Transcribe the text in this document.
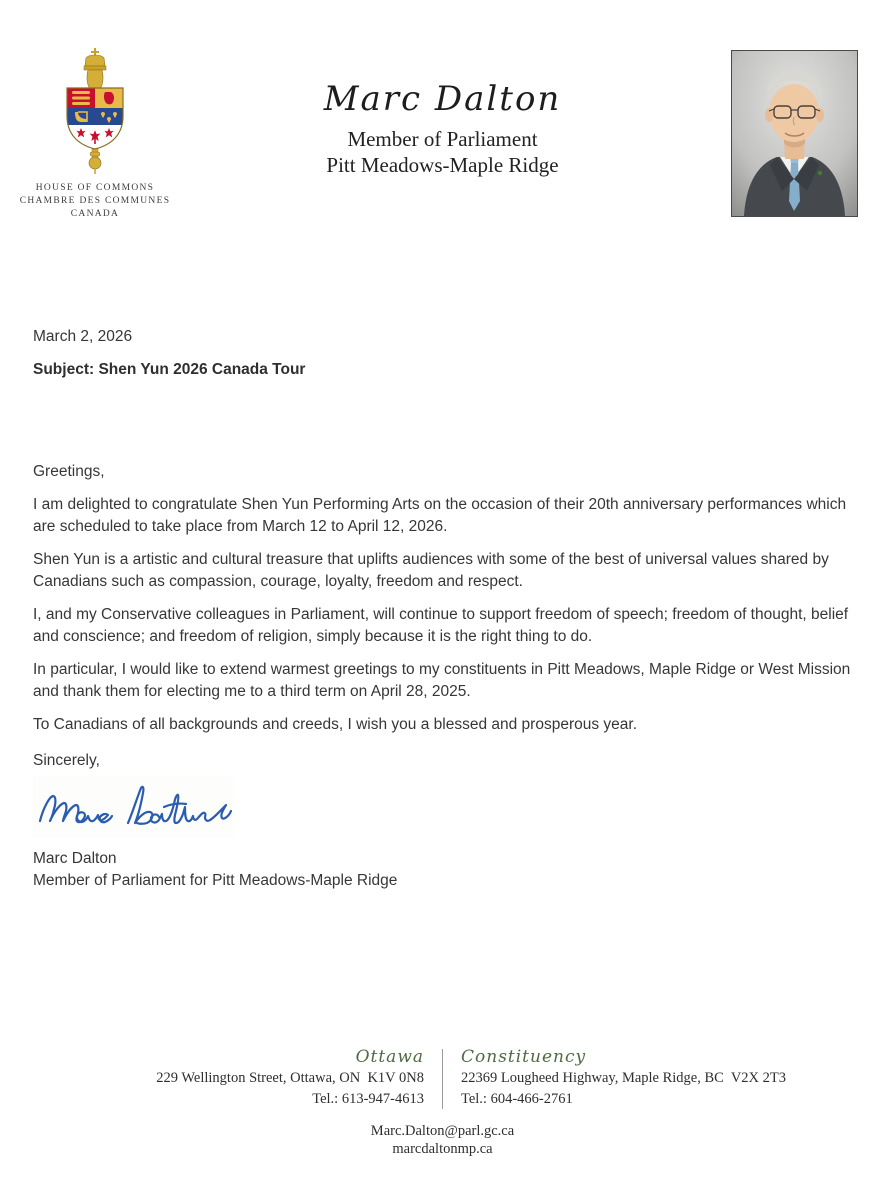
HOUSE OF COMMONS
CHAMBRE DES COMMUNES
CANADA
Marc Dalton
Member of Parliament
Pitt Meadows-Maple Ridge

March 2, 2026

Subject: Shen Yun 2026 Canada Tour

Greetings,

I am delighted to congratulate Shen Yun Performing Arts on the occasion of their 20th anniversary performances which are scheduled to take place from March 12 to April 12, 2026.

Shen Yun is a artistic and cultural treasure that uplifts audiences with some of the best of universal values shared by Canadians such as compassion, courage, loyalty, freedom and respect.

I, and my Conservative colleagues in Parliament, will continue to support freedom of speech; freedom of thought, belief and conscience; and freedom of religion, simply because it is the right thing to do.

In particular, I would like to extend warmest greetings to my constituents in Pitt Meadows, Maple Ridge or West Mission and thank them for electing me to a third term on April 28, 2025.

To Canadians of all backgrounds and creeds, I wish you a blessed and prosperous year.

Sincerely,

Marc Dalton

Member of Parliament for Pitt Meadows-Maple Ridge

Ottawa
229 Wellington Street, Ottawa, ON  K1V 0N8
Tel.: 613-947-4613
Constituency
22369 Lougheed Highway, Maple Ridge, BC  V2X 2T3
Tel.: 604-466-2761
Marc.Dalton@parl.gc.ca
marcdaltonmp.ca
